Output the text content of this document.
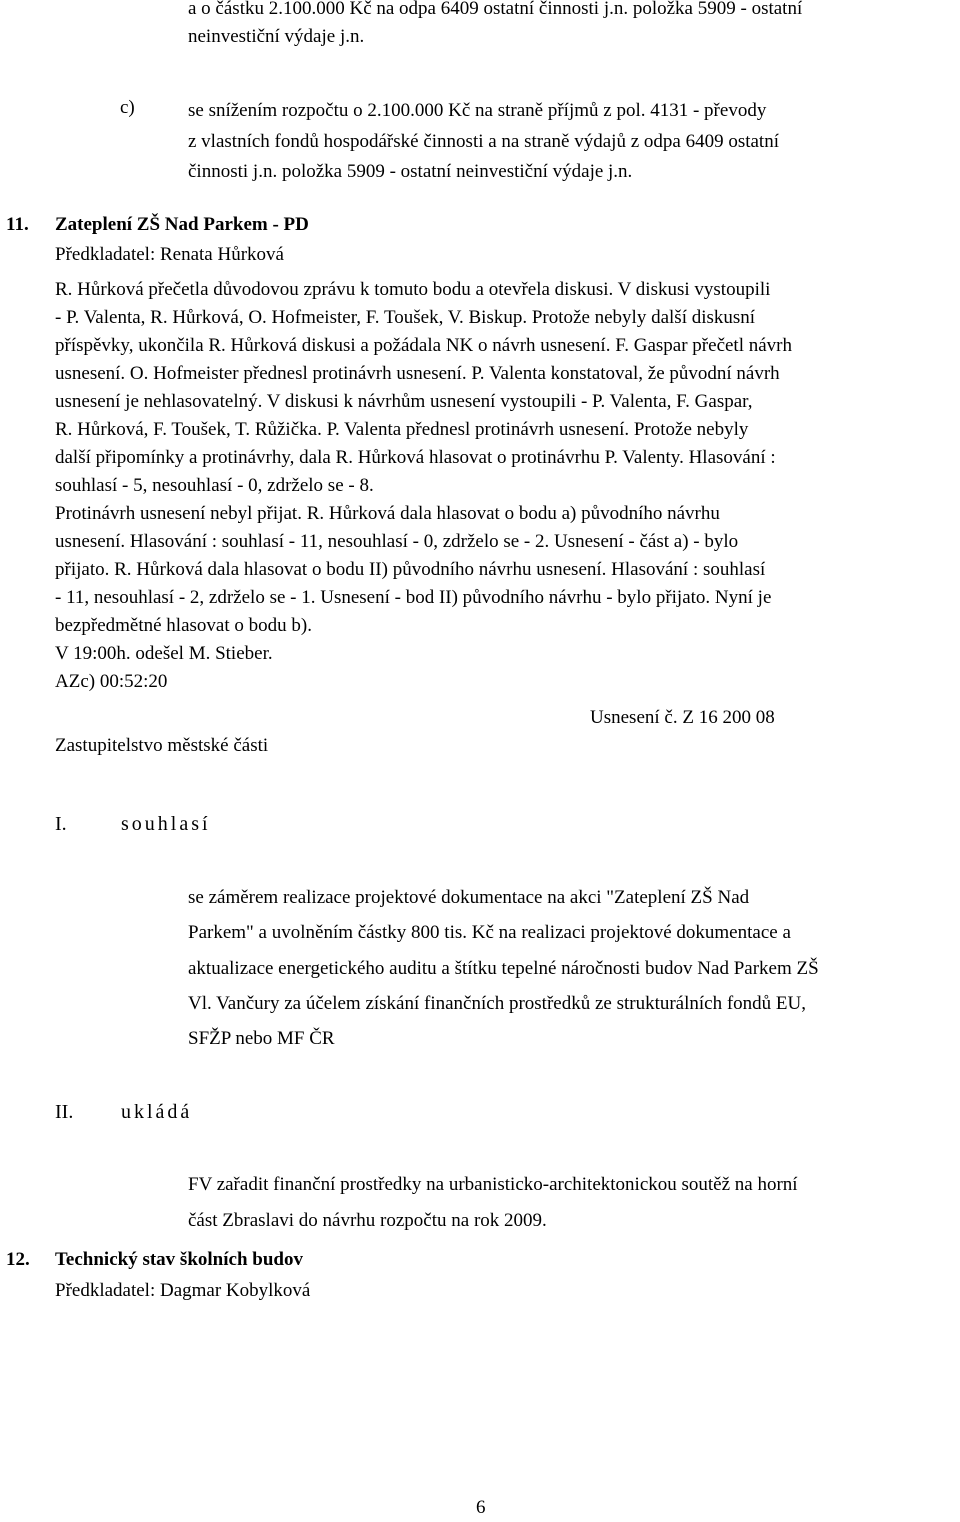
a o částku 2.100.000 Kč na odpa 6409 ostatní činnosti j.n. položka 5909 - ostatní
neinvestiční výdaje j.n.
c)	se snížením rozpočtu o 2.100.000 Kč na straně příjmů z pol. 4131 - převody
z vlastních fondů hospodářské činnosti a na straně výdajů z odpa 6409 ostatní
činnosti j.n. položka 5909 - ostatní neinvestiční výdaje j.n.
11. Zateplení ZŠ Nad Parkem - PD
Předkladatel: Renata Hůrková
R. Hůrková přečetla důvodovou zprávu k tomuto bodu a otevřela diskusi. V diskusi vystoupili
- P. Valenta, R. Hůrková, O. Hofmeister, F. Toušek, V. Biskup. Protože nebyly další diskusní
příspěvky, ukončila R. Hůrková diskusi a požádala NK o návrh usnesení. F. Gaspar přečetl návrh
usnesení. O. Hofmeister přednesl protinávrh usnesení. P. Valenta konstatoval, že původní návrh
usnesení je nehlasovatelný. V diskusi k návrhům usnesení vystoupili - P. Valenta, F. Gaspar,
R. Hůrková, F. Toušek, T. Růžička. P. Valenta přednesl protinávrh usnesení. Protože nebyly
další připomínky a protinávrhy, dala R. Hůrková hlasovat o protinávrhu P. Valenty. Hlasování :
souhlasí - 5, nesouhlasí - 0, zdrželo se - 8.
Protinávrh usnesení nebyl přijat. R. Hůrková dala hlasovat o bodu a) původního návrhu
usnesení. Hlasování : souhlasí - 11, nesouhlasí - 0, zdrželo se - 2. Usnesení - část a) - bylo
přijato. R. Hůrková dala hlasovat o bodu II) původního návrhu usnesení. Hlasování : souhlasí
- 11, nesouhlasí - 2, zdrželo se - 1. Usnesení - bod II) původního návrhu - bylo přijato. Nyní je
bezpředmětné hlasovat o bodu b).
V 19:00h. odešel M. Stieber.
AZc) 00:52:20
Usnesení č. Z 16 200 08
Zastupitelstvo městské části
I.	souhlasí
se záměrem realizace projektové dokumentace na akci "Zateplení ZŠ Nad
Parkem" a uvolněním částky 800 tis. Kč na realizaci projektové dokumentace a
aktualizace energetického auditu a štítku tepelné náročnosti budov Nad Parkem ZŠ
Vl. Vančury za účelem získání finančních prostředků ze strukturálních fondů EU,
SFŽP nebo MF ČR
II. ukládá
FV zařadit finanční prostředky na urbanisticko-architektonickou soutěž na horní
část Zbraslavi do návrhu rozpočtu na rok 2009.
12. Technický stav školních budov
Předkladatel: Dagmar Kobylková
6
